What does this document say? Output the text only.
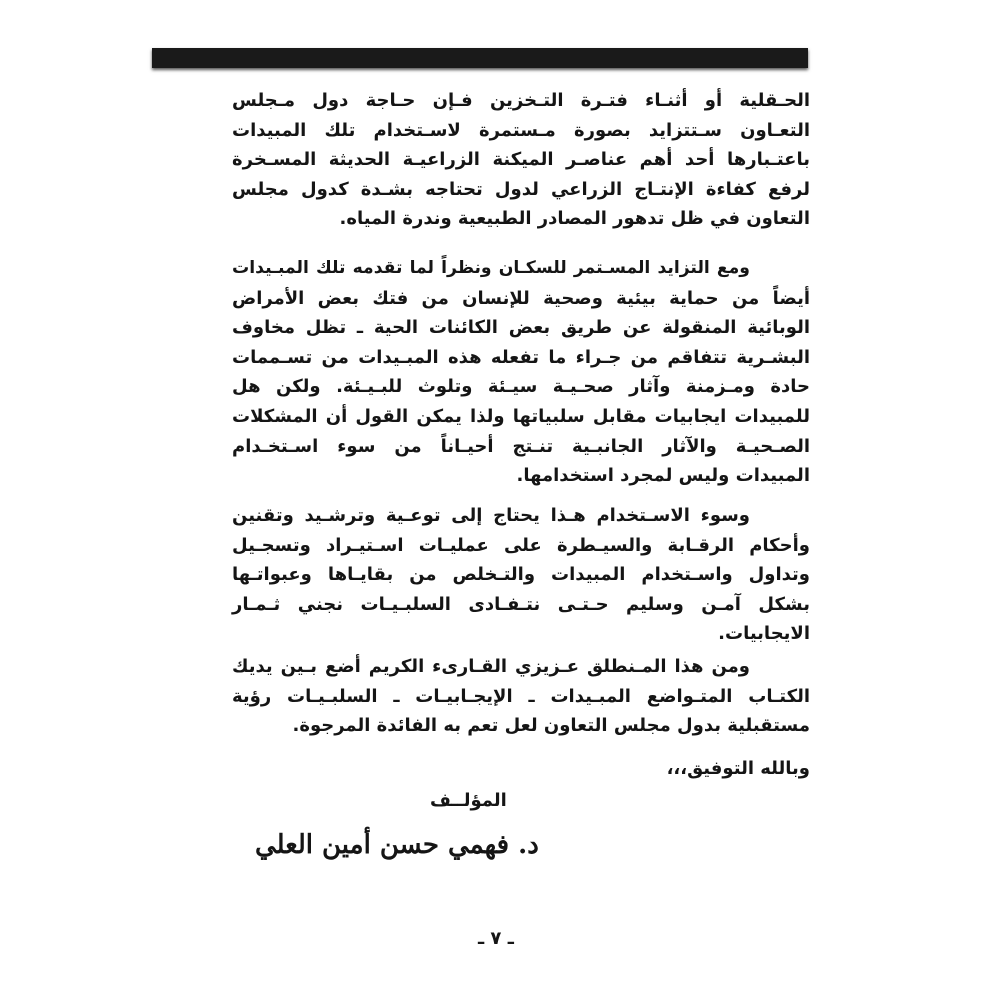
الحـقلية أو أثنـاء فتـرة التـخزين فـإن حـاجة دول مـجلس
التعـاون سـتتزايد بصورة مـستمرة لاسـتخدام تلك المبيدات
باعتـبارها أحد أهم عناصـر الميكنة الزراعيـة الحديثة المسـخرة
لرفع كفاءة الإنتـاج الزراعي لدول تحتاجه بشـدة كدول مجلس
التعاون في ظل تدهور المصادر الطبيعية وندرة المياه.
ومع التزايد المسـتمر للسكـان ونظراً لما تقدمه تلك المبـيدات
أيضاً من حماية بيئية وصحية للإنسان من فتك بعض الأمراض
الوبائية المنقولة عن طريق بعض الكائنات الحية ـ تظل مخاوف
البشـرية تتفاقم من جـراء ما تفعله هذه المبـيدات من تسـممات
حادة ومـزمنة وآثار صحـيـة سيـئة وتلوث للبـيـئة. ولكن هل
للمبيدات ايجابيات مقابل سلبياتها ولذا يمكن القول أن المشكلات
الصـحيـة والآثار الجانبـية تنـتج أحيـاناً من سوء اسـتخـدام
المبيدات وليس لمجرد استخدامها.
وسوء الاسـتخدام هـذا يحتاج إلى توعـية وترشـيد وتقنين
وأحكام الرقـابة والسيـطرة على عمليـات اسـتيـراد وتسجـيل
وتداول واسـتخدام المبيدات والتـخلص من بقايـاها وعبواتـها
بشكل آمـن وسليم حـتـى نتـفـادى السلبـيـات نجني ثـمـار
الايجابيات.
ومن هذا المـنطلق عـزيزي القـارىء الكريم أضع بـين يديك
الكتـاب المتـواضع المبـيدات ـ الإيجـابيـات ـ السلبـيـات رؤية
مستقبلية بدول مجلس التعاون لعل تعم به الفائدة المرجوة.
وبالله التوفيق،،،
المؤلــف
د. فهمي حسن أمين العلي
ـ ٧ ـ
